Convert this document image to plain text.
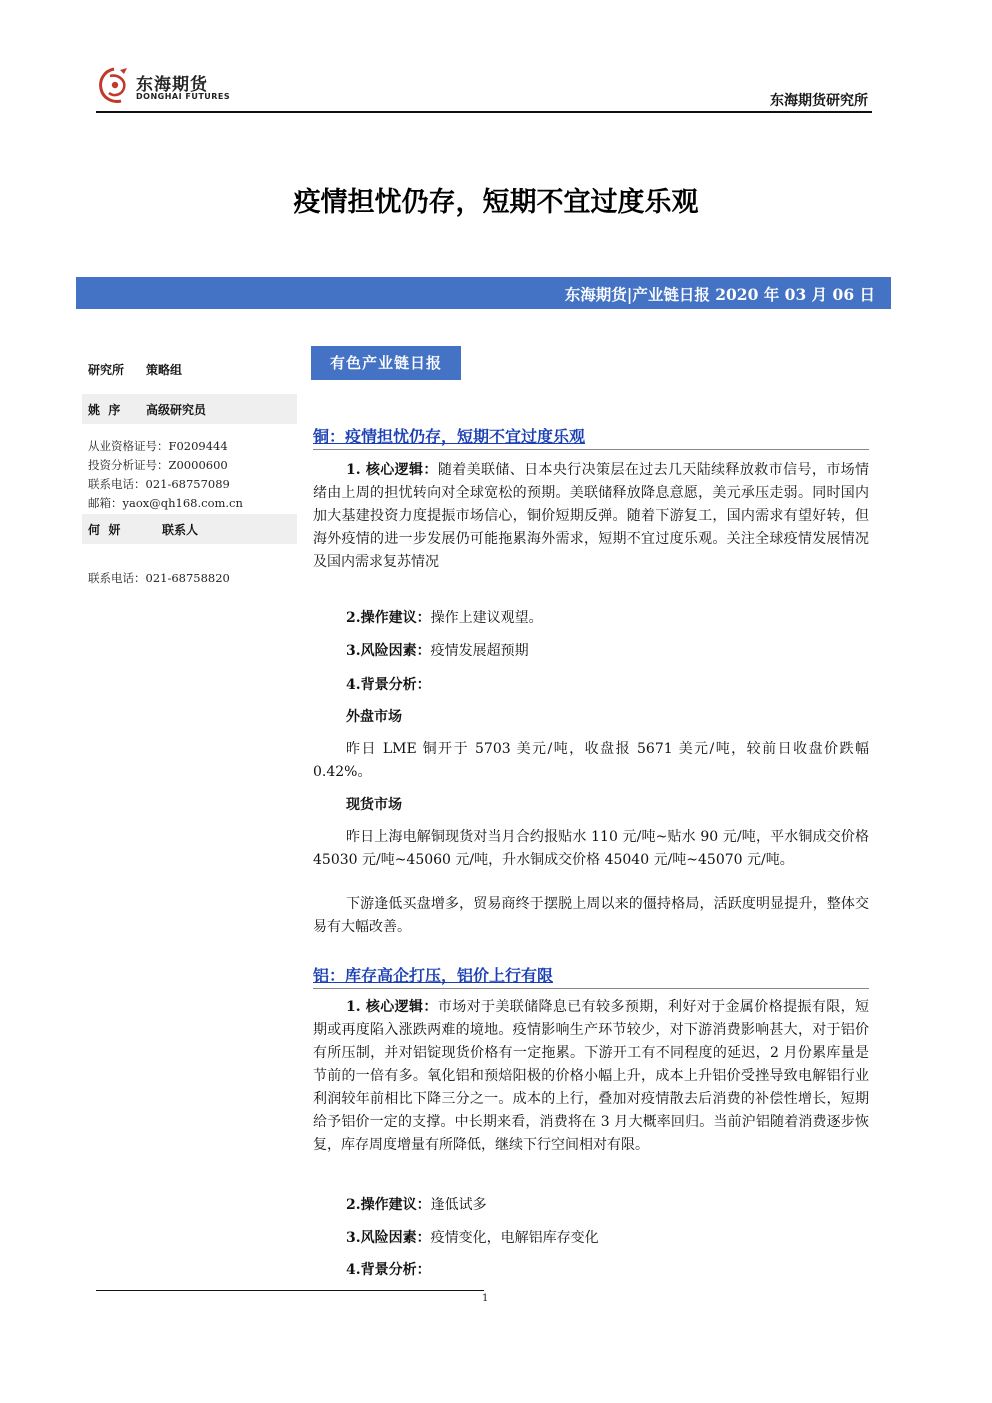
东海期货
DONGHAI FUTURES	东海期货研究所
疫情担忧仍存，短期不宜过度乐观
东海期货|产业链日报 2020 年 03 月 06 日
研究所 策略组
姚  序 高级研究员
从业资格证号：F0209444
投资分析证号：Z0000600
联系电话：021-68757089
邮箱：yaox@qh168.com.cn
何  妍	联系人
联系电话：021-68758820
有色产业链日报
铜：疫情担忧仍存，短期不宜过度乐观

1. 核心逻辑：随着美联储、日本央行决策层在过去几天陆续释放救市信号，市场情绪由上周的担忧转向对全球宽松的预期。美联储释放降息意愿，美元承压走弱。同时国内加大基建投资力度提振市场信心，铜价短期反弹。随着下游复工，国内需求有望好转，但海外疫情的进一步发展仍可能拖累海外需求，短期不宜过度乐观。关注全球疫情发展情况及国内需求复苏情况

2.操作建议：操作上建议观望。
3.风险因素：疫情发展超预期
4.背景分析：
外盘市场

昨日 LME 铜开于 5703 美元/吨，收盘报 5671 美元/吨，较前日收盘价跌幅 0.42%。

现货市场

昨日上海电解铜现货对当月合约报贴水 110 元/吨~贴水 90 元/吨，平水铜成交价格 45030 元/吨~45060 元/吨，升水铜成交价格 45040 元/吨~45070 元/吨。

下游逢低买盘增多，贸易商终于摆脱上周以来的僵持格局，活跃度明显提升，整体交易有大幅改善。

铝：库存高企打压，铝价上行有限

1. 核心逻辑：市场对于美联储降息已有较多预期，利好对于金属价格提振有限，短期或再度陷入涨跌两难的境地。疫情影响生产环节较少，对下游消费影响甚大，对于铝价有所压制，并对铝锭现货价格有一定拖累。下游开工有不同程度的延迟，2 月份累库量是节前的一倍有多。氧化铝和预焙阳极的价格小幅上升，成本上升铝价受挫导致电解铝行业利润较年前相比下降三分之一。成本的上行，叠加对疫情散去后消费的补偿性增长，短期给予铝价一定的支撑。中长期来看，消费将在 3 月大概率回归。当前沪铝随着消费逐步恢复，库存周度增量有所降低，继续下行空间相对有限。

2.操作建议：逢低试多
3.风险因素：疫情变化，电解铝库存变化
4.背景分析：
1
